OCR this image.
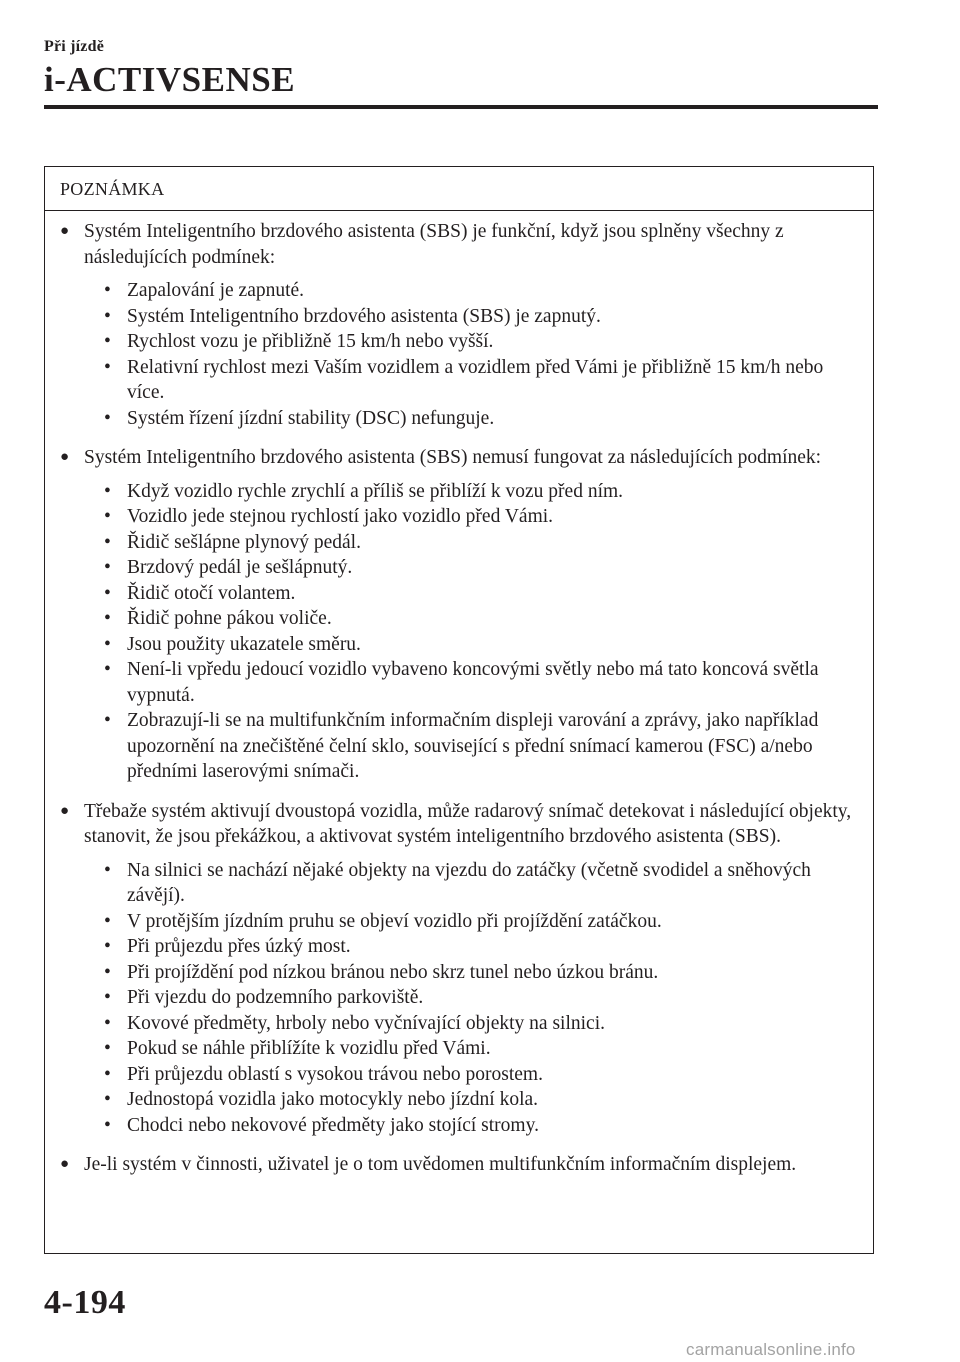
Při jízdě
i-ACTIVSENSE
POZNÁMKA
● Systém Inteligentního brzdového asistenta (SBS) je funkční, když jsou splněny všechny z následujících podmínek:
• Zapalování je zapnuté.
• Systém Inteligentního brzdového asistenta (SBS) je zapnutý.
• Rychlost vozu je přibližně 15 km/h nebo vyšší.
• Relativní rychlost mezi Vaším vozidlem a vozidlem před Vámi je přibližně 15 km/h nebo více.
• Systém řízení jízdní stability (DSC) nefunguje.
● Systém Inteligentního brzdového asistenta (SBS) nemusí fungovat za následujících podmínek:
• Když vozidlo rychle zrychlí a příliš se přiblíží k vozu před ním.
• Vozidlo jede stejnou rychlostí jako vozidlo před Vámi.
• Řidič sešlápne plynový pedál.
• Brzdový pedál je sešlápnutý.
• Řidič otočí volantem.
• Řidič pohne pákou voliče.
• Jsou použity ukazatele směru.
• Není-li vpředu jedoucí vozidlo vybaveno koncovými světly nebo má tato koncová světla vypnutá.
• Zobrazují-li se na multifunkčním informačním displeji varování a zprávy, jako například upozornění na znečištěné čelní sklo, související s přední snímací kamerou (FSC) a/nebo předními laserovými snímači.
● Třebaže systém aktivují dvoustopá vozidla, může radarový snímač detekovat i následující objekty, stanovit, že jsou překážkou, a aktivovat systém inteligentního brzdového asistenta (SBS).
• Na silnici se nachází nějaké objekty na vjezdu do zatáčky (včetně svodidel a sněhových závějí).
• V protějším jízdním pruhu se objeví vozidlo při projíždění zatáčkou.
• Při průjezdu přes úzký most.
• Při projíždění pod nízkou bránou nebo skrz tunel nebo úzkou bránu.
• Při vjezdu do podzemního parkoviště.
• Kovové předměty, hrboly nebo vyčnívající objekty na silnici.
• Pokud se náhle přiblížíte k vozidlu před Vámi.
• Při průjezdu oblastí s vysokou trávou nebo porostem.
• Jednostopá vozidla jako motocykly nebo jízdní kola.
• Chodci nebo nekovové předměty jako stojící stromy.
● Je-li systém v činnosti, uživatel je o tom uvědomen multifunkčním informačním displejem.
4-194
carmanualsonline.info
